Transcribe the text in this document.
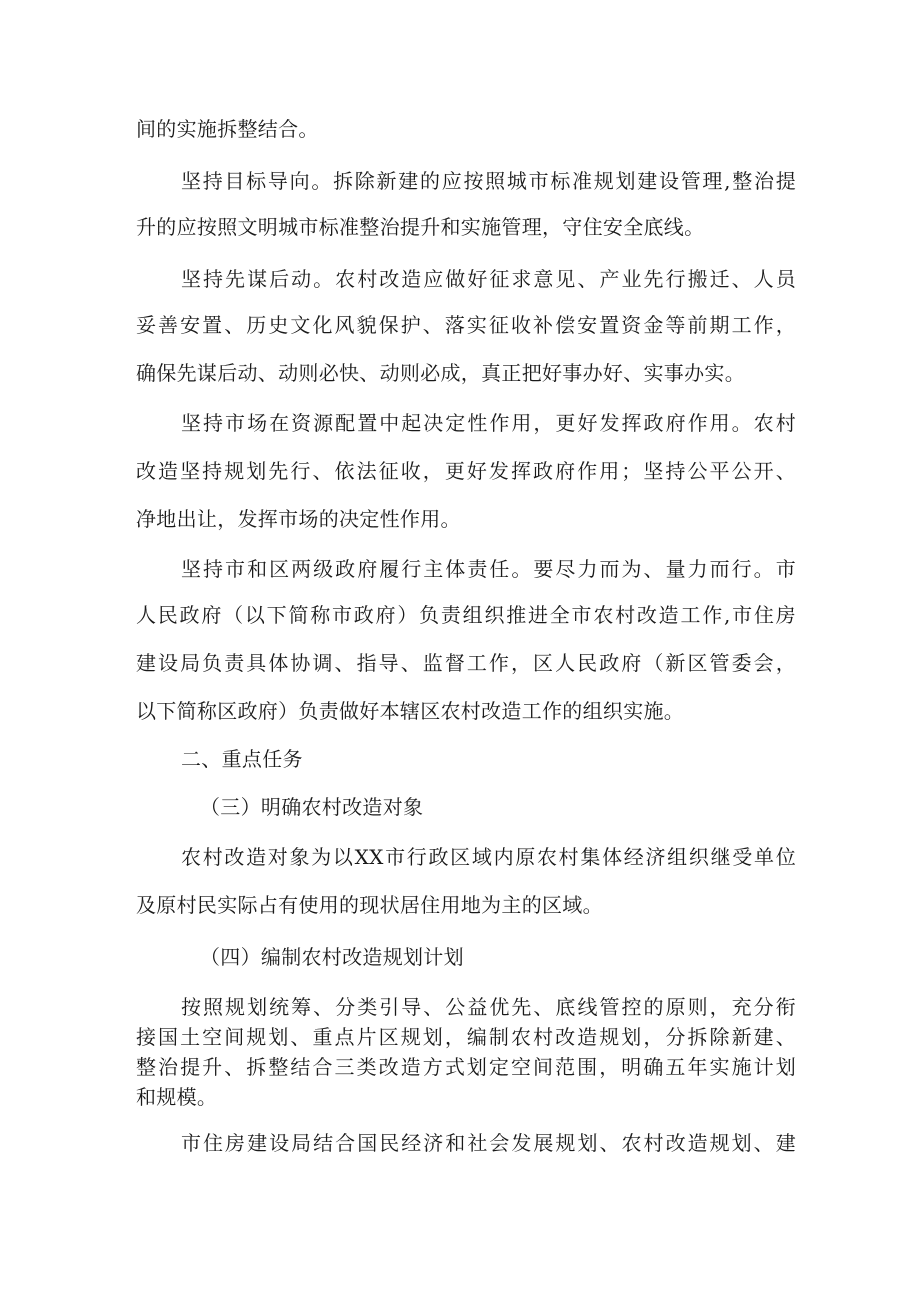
间的实施拆整结合。
坚持目标导向。拆除新建的应按照城市标准规划建设管理,整治提
升的应按照文明城市标准整治提升和实施管理，守住安全底线。
坚持先谋后动。农村改造应做好征求意见、产业先行搬迁、人员
妥善安置、历史文化风貌保护、落实征收补偿安置资金等前期工作，
确保先谋后动、动则必快、动则必成，真正把好事办好、实事办实。
坚持市场在资源配置中起决定性作用，更好发挥政府作用。农村
改造坚持规划先行、依法征收，更好发挥政府作用；坚持公平公开、
净地出让，发挥市场的决定性作用。
坚持市和区两级政府履行主体责任。要尽力而为、量力而行。市
人民政府（以下简称市政府）负责组织推进全市农村改造工作,市住房
建设局负责具体协调、指导、监督工作，区人民政府（新区管委会，
以下简称区政府）负责做好本辖区农村改造工作的组织实施。
二、重点任务
（三）明确农村改造对象
农村改造对象为以XX市行政区域内原农村集体经济组织继受单位
及原村民实际占有使用的现状居住用地为主的区域。
（四）编制农村改造规划计划
按照规划统筹、分类引导、公益优先、底线管控的原则，充分衔
接国土空间规划、重点片区规划，编制农村改造规划，分拆除新建、
整治提升、拆整结合三类改造方式划定空间范围，明确五年实施计划
和规模。
市住房建设局结合国民经济和社会发展规划、农村改造规划、建
